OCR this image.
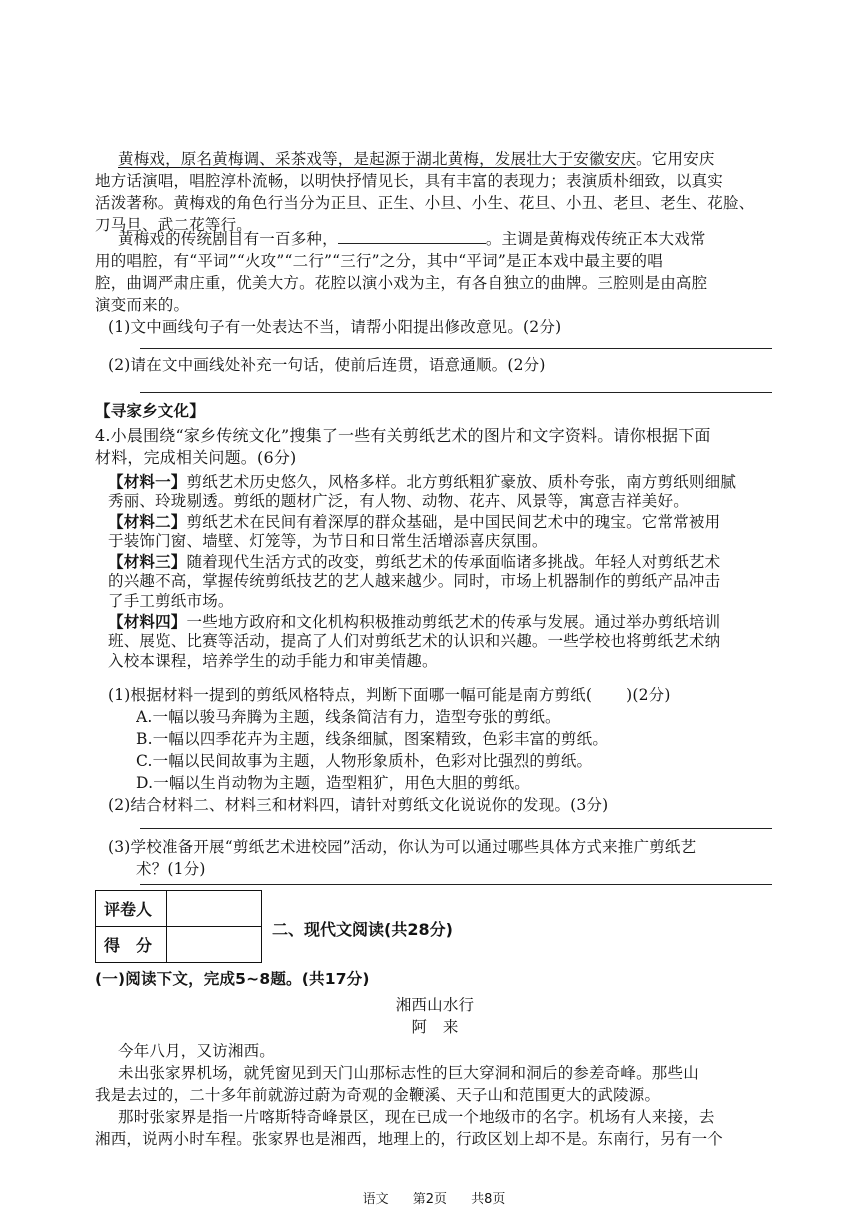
黄梅戏，原名黄梅调、采茶戏等，是起源于湖北黄梅，发展壮大于安徽安庆。它用安庆
地方话演唱，唱腔淳朴流畅，以明快抒情见长，具有丰富的表现力；表演质朴细致，以真实
活泼著称。黄梅戏的角色行当分为正旦、正生、小旦、小生、花旦、小丑、老旦、老生、花脸、
刀马旦、武二花等行。
黄梅戏的传统剧目有一百多种，	。主调是黄梅戏传统正本大戏常
用的唱腔，有“平词”“火攻”“二行”“三行”之分，其中“平词”是正本戏中最主要的唱
腔，曲调严肃庄重，优美大方。花腔以演小戏为主，有各自独立的曲牌。三腔则是由高腔
演变而来的。
(1)文中画线句子有一处表达不当，请帮小阳提出修改意见。(2分)
(2)请在文中画线处补充一句话，使前后连贯，语意通顺。(2分)
【寻家乡文化】
4.小晨围绕“家乡传统文化”搜集了一些有关剪纸艺术的图片和文字资料。请你根据下面
材料，完成相关问题。(6分)
【材料一】剪纸艺术历史悠久，风格多样。北方剪纸粗犷豪放、质朴夸张，南方剪纸则细腻
秀丽、玲珑剔透。剪纸的题材广泛，有人物、动物、花卉、风景等，寓意吉祥美好。
【材料二】剪纸艺术在民间有着深厚的群众基础，是中国民间艺术中的瑰宝。它常常被用
于装饰门窗、墙壁、灯笼等，为节日和日常生活增添喜庆氛围。
【材料三】随着现代生活方式的改变，剪纸艺术的传承面临诸多挑战。年轻人对剪纸艺术
的兴趣不高，掌握传统剪纸技艺的艺人越来越少。同时，市场上机器制作的剪纸产品冲击
了手工剪纸市场。
【材料四】一些地方政府和文化机构积极推动剪纸艺术的传承与发展。通过举办剪纸培训
班、展览、比赛等活动，提高了人们对剪纸艺术的认识和兴趣。一些学校也将剪纸艺术纳
入校本课程，培养学生的动手能力和审美情趣。
(1)根据材料一提到的剪纸风格特点，判断下面哪一幅可能是南方剪纸( )(2分)
A.一幅以骏马奔腾为主题，线条简洁有力，造型夸张的剪纸。
B.一幅以四季花卉为主题，线条细腻，图案精致，色彩丰富的剪纸。
C.一幅以民间故事为主题，人物形象质朴，色彩对比强烈的剪纸。
D.一幅以生肖动物为主题，造型粗犷，用色大胆的剪纸。
(2)结合材料二、材料三和材料四，请针对剪纸文化说说你的发现。(3分)
(3)学校准备开展“剪纸艺术进校园”活动，你认为可以通过哪些具体方式来推广剪纸艺
术？(1分)
评卷人	
得　分	
二、现代文阅读(共28分)
(一)阅读下文，完成5~8题。(共17分)
湘西山水行
阿　来
今年八月，又访湘西。
未出张家界机场，就凭窗见到天门山那标志性的巨大穿洞和洞后的参差奇峰。那些山
我是去过的，二十多年前就游过蔚为奇观的金鞭溪、天子山和范围更大的武陵源。
那时张家界是指一片喀斯特奇峰景区，现在已成一个地级市的名字。机场有人来接，去
湘西，说两小时车程。张家界也是湘西，地理上的，行政区划上却不是。东南行，另有一个
语文 第2页 共8页
